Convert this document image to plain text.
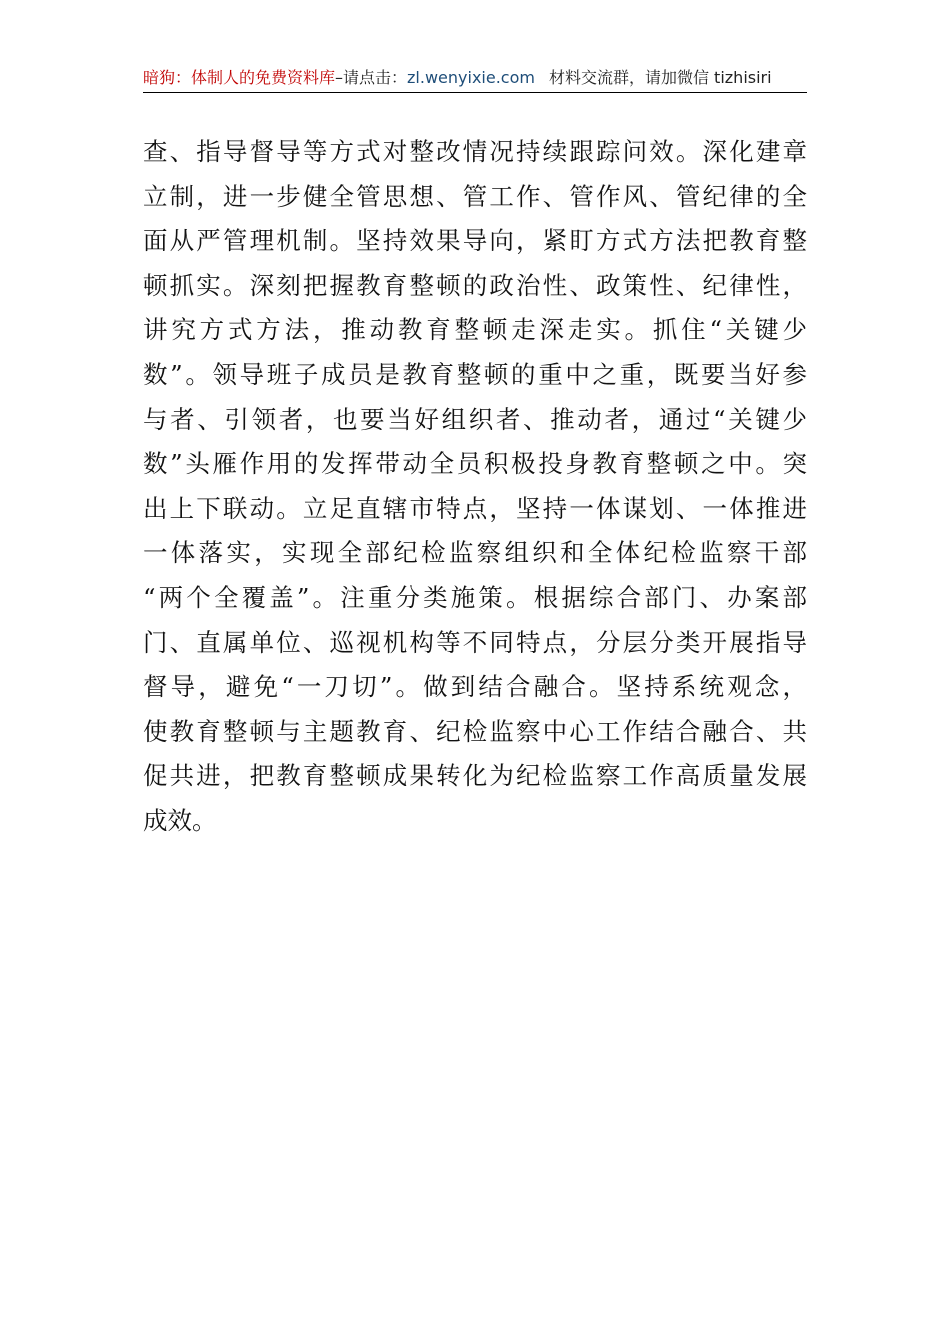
暗狗：体制人的免费资料库–请点击：zl.wenyixie.com 材料交流群，请加微信 tizhisiri
查、指导督导等方式对整改情况持续跟踪问效。深化建章
立制，进一步健全管思想、管工作、管作风、管纪律的全
面从严管理机制。坚持效果导向，紧盯方式方法把教育整
顿抓实。深刻把握教育整顿的政治性、政策性、纪律性，
讲究方式方法，推动教育整顿走深走实。抓住“关键少
数”。领导班子成员是教育整顿的重中之重，既要当好参
与者、引领者，也要当好组织者、推动者，通过“关键少
数”头雁作用的发挥带动全员积极投身教育整顿之中。突
出上下联动。立足直辖市特点，坚持一体谋划、一体推进
一体落实，实现全部纪检监察组织和全体纪检监察干部
“两个全覆盖”。注重分类施策。根据综合部门、办案部
门、直属单位、巡视机构等不同特点，分层分类开展指导
督导，避免“一刀切”。做到结合融合。坚持系统观念，
使教育整顿与主题教育、纪检监察中心工作结合融合、共
促共进，把教育整顿成果转化为纪检监察工作高质量发展
成效。
